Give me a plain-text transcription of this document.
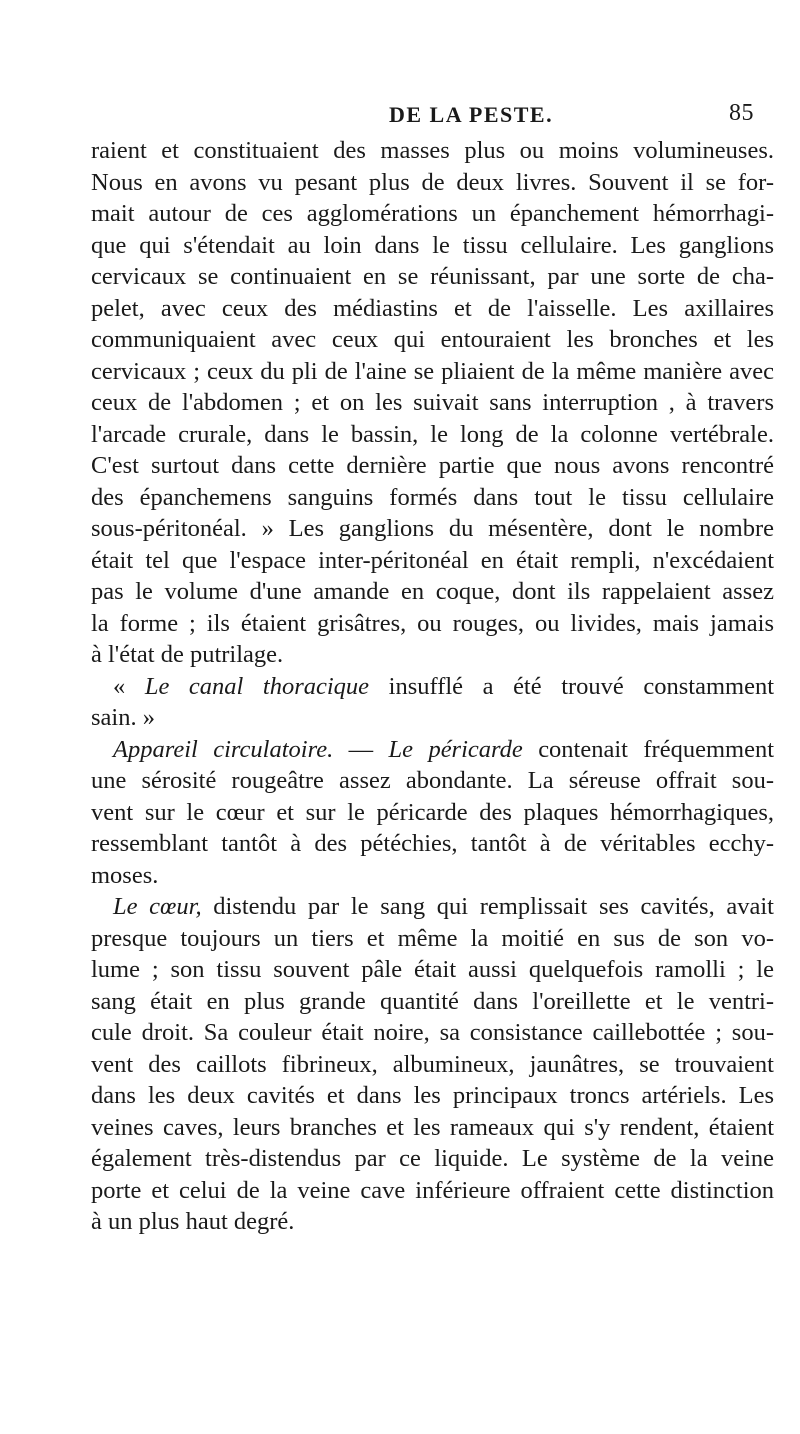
DE LA PESTE.	85
raient et constituaient des masses plus ou moins volumineuses.
Nous en avons vu pesant plus de deux livres. Souvent il se for-
mait autour de ces agglomérations un épanchement hémorrhagi-
que qui s'étendait au loin dans le tissu cellulaire. Les ganglions
cervicaux se continuaient en se réunissant, par une sorte de cha-
pelet, avec ceux des médiastins et de l'aisselle. Les axillaires
communiquaient avec ceux qui entouraient les bronches et les
cervicaux ; ceux du pli de l'aine se pliaient de la même manière avec
ceux de l'abdomen ; et on les suivait sans interruption , à travers
l'arcade crurale, dans le bassin, le long de la colonne vertébrale.
C'est surtout dans cette dernière partie que nous avons rencontré
des épanchemens sanguins formés dans tout le tissu cellulaire
sous-péritonéal. » Les ganglions du mésentère, dont le nombre
était tel que l'espace inter-péritonéal en était rempli, n'excédaient
pas le volume d'une amande en coque, dont ils rappelaient assez
la forme ; ils étaient grisâtres, ou rouges, ou livides, mais jamais
à l'état de putrilage.
« Le canal thoracique insufflé a été trouvé constamment
sain. »
Appareil circulatoire. — Le péricarde contenait fréquemment
une sérosité rougeâtre assez abondante. La séreuse offrait sou-
vent sur le cœur et sur le péricarde des plaques hémorrhagiques,
ressemblant tantôt à des pétéchies, tantôt à de véritables ecchy-
moses.
Le cœur, distendu par le sang qui remplissait ses cavités, avait
presque toujours un tiers et même la moitié en sus de son vo-
lume ; son tissu souvent pâle était aussi quelquefois ramolli ; le
sang était en plus grande quantité dans l'oreillette et le ventri-
cule droit. Sa couleur était noire, sa consistance caillebottée ; sou-
vent des caillots fibrineux, albumineux, jaunâtres, se trouvaient
dans les deux cavités et dans les principaux troncs artériels. Les
veines caves, leurs branches et les rameaux qui s'y rendent, étaient
également très-distendus par ce liquide. Le système de la veine
porte et celui de la veine cave inférieure offraient cette distinction
à un plus haut degré.
